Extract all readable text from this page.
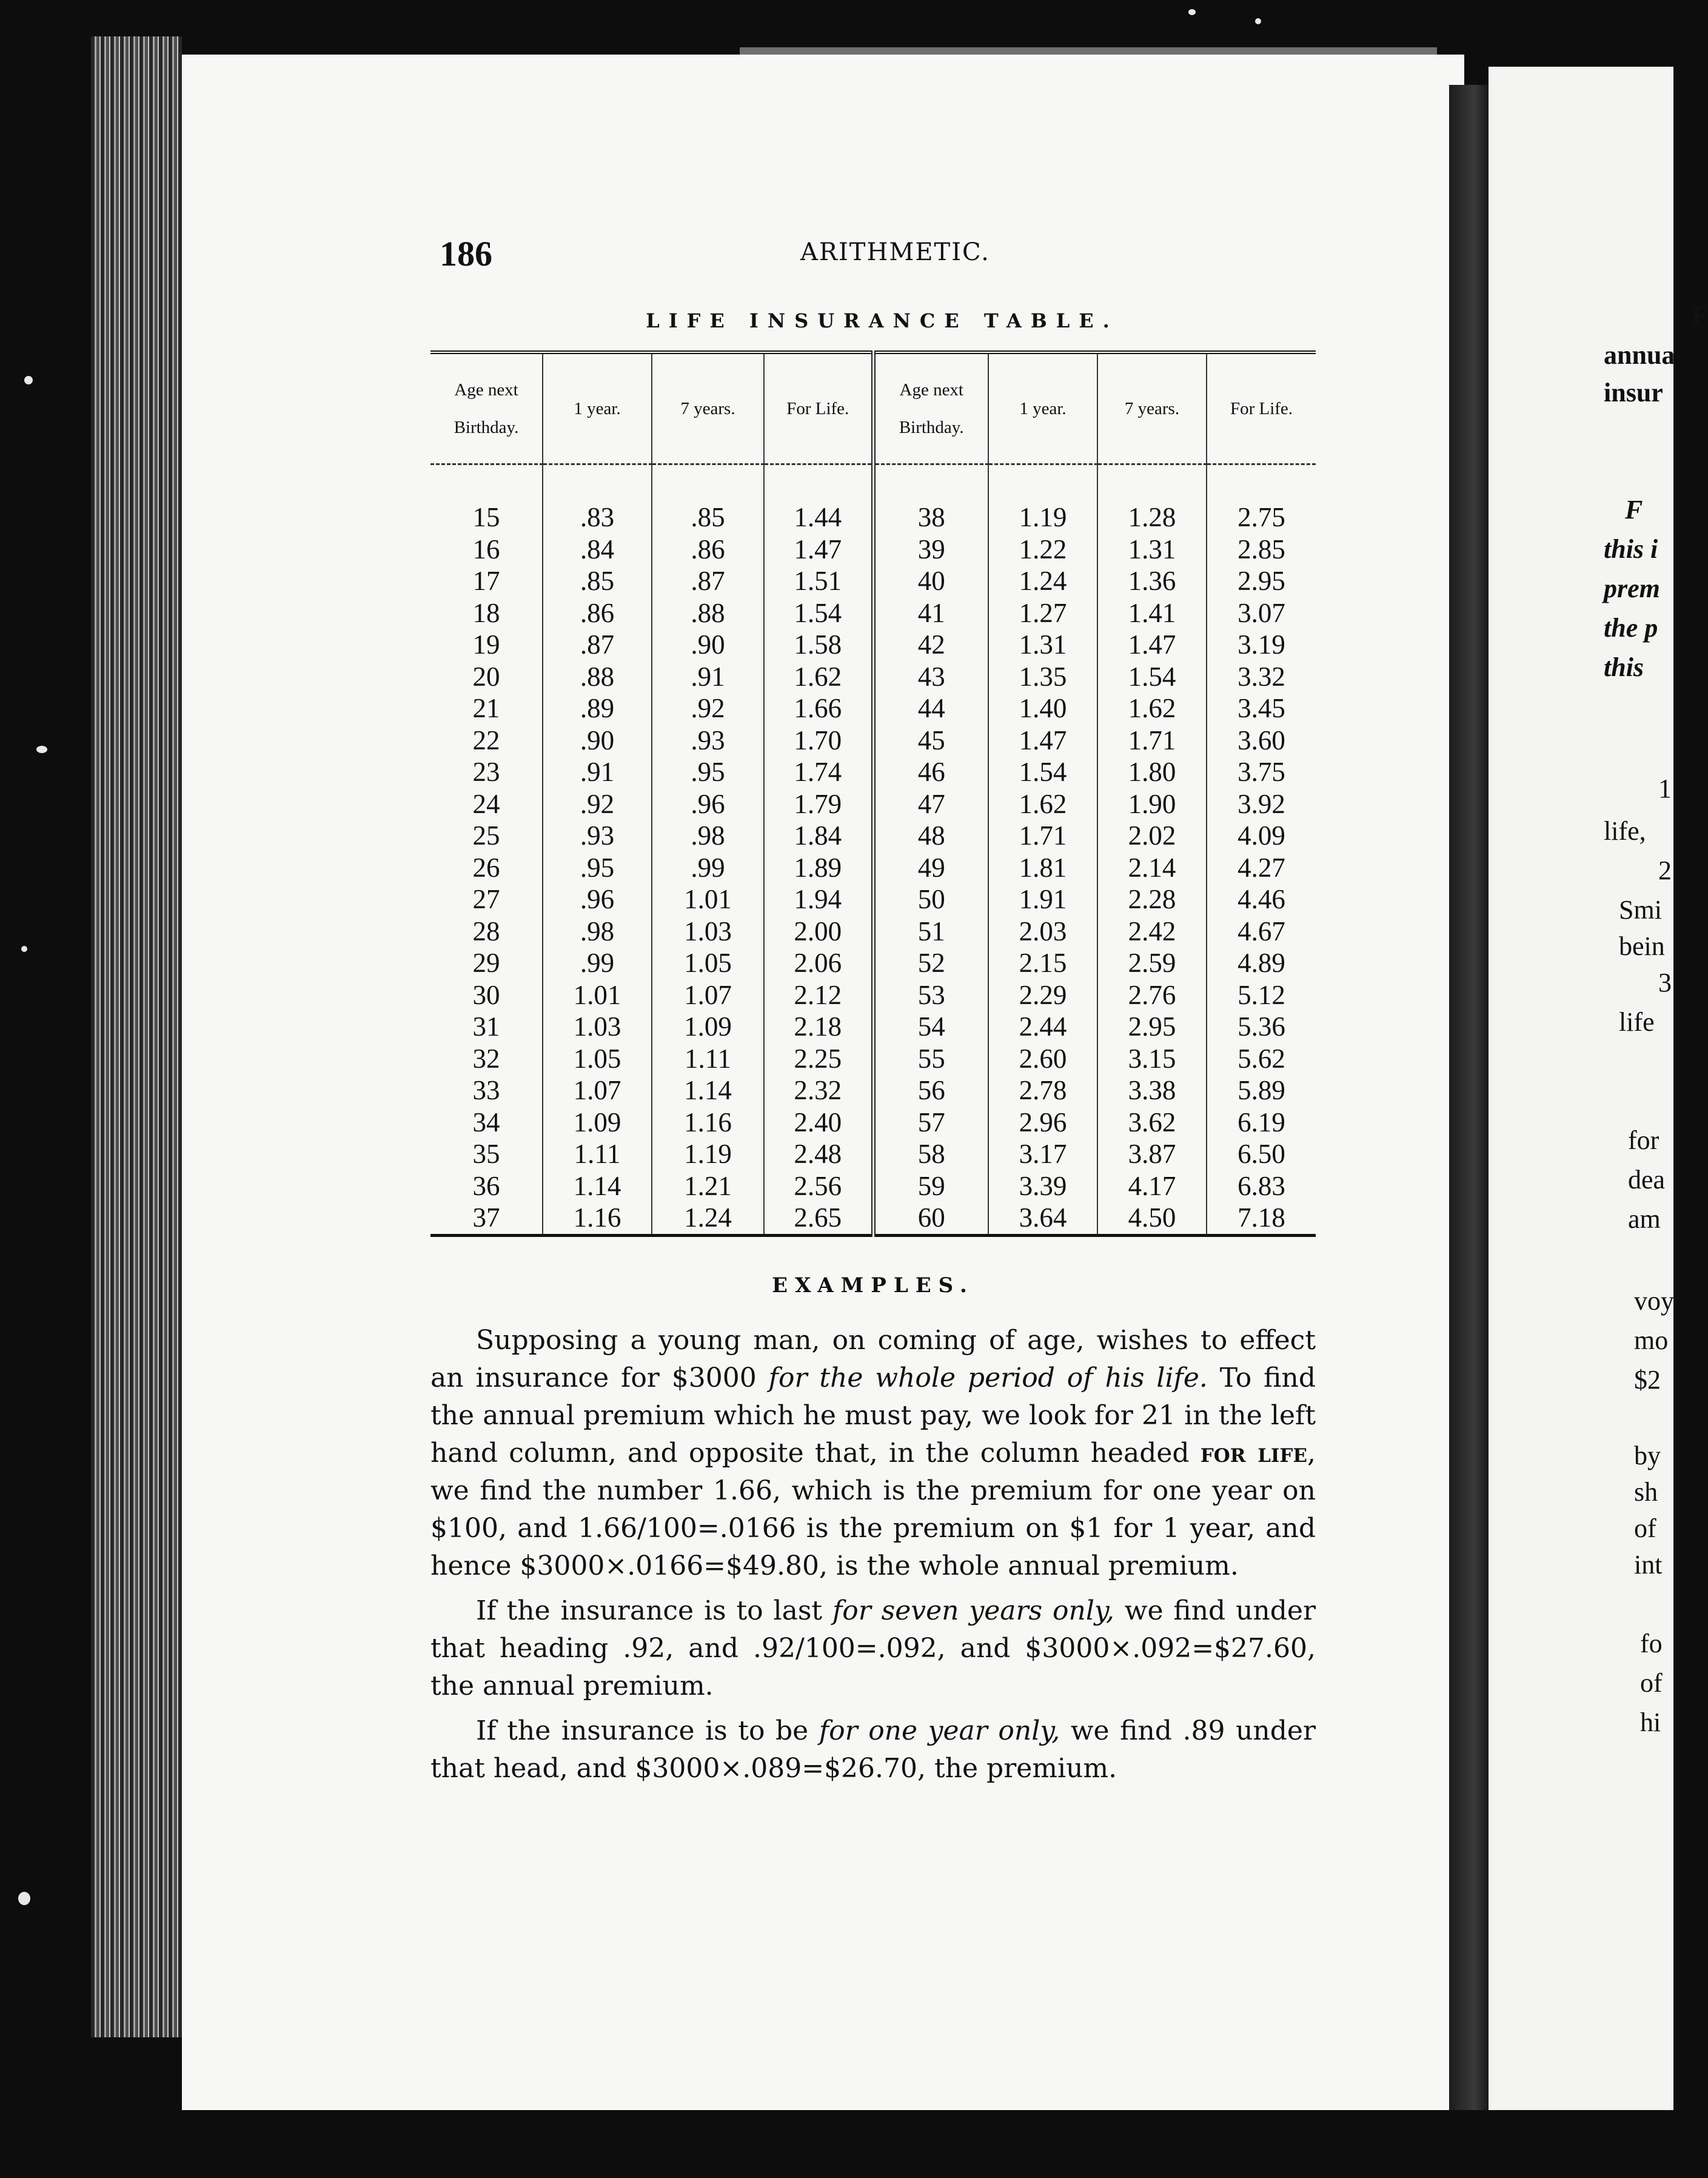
F
annua
insur
F
this i
prem
the p
this
1
life,
2
Smi
bein
3
life
for
dea
am
voy
mo
$2
by
sh
of
int
fo
of
hi
186	ARITHMETIC.
LIFE INSURANCE TABLE.
Age next Birthday.	1 year.	7 years.	For Life.	Age next Birthday.	1 year.	7 years.	For Life.

15	.83	.85	1.44	38	1.19	1.28	2.75
16	.84	.86	1.47	39	1.22	1.31	2.85
17	.85	.87	1.51	40	1.24	1.36	2.95
18	.86	.88	1.54	41	1.27	1.41	3.07
19	.87	.90	1.58	42	1.31	1.47	3.19
20	.88	.91	1.62	43	1.35	1.54	3.32
21	.89	.92	1.66	44	1.40	1.62	3.45
22	.90	.93	1.70	45	1.47	1.71	3.60
23	.91	.95	1.74	46	1.54	1.80	3.75
24	.92	.96	1.79	47	1.62	1.90	3.92
25	.93	.98	1.84	48	1.71	2.02	4.09
26	.95	.99	1.89	49	1.81	2.14	4.27
27	.96	1.01	1.94	50	1.91	2.28	4.46
28	.98	1.03	2.00	51	2.03	2.42	4.67
29	.99	1.05	2.06	52	2.15	2.59	4.89
30	1.01	1.07	2.12	53	2.29	2.76	5.12
31	1.03	1.09	2.18	54	2.44	2.95	5.36
32	1.05	1.11	2.25	55	2.60	3.15	5.62
33	1.07	1.14	2.32	56	2.78	3.38	5.89
34	1.09	1.16	2.40	57	2.96	3.62	6.19
35	1.11	1.19	2.48	58	3.17	3.87	6.50
36	1.14	1.21	2.56	59	3.39	4.17	6.83
37	1.16	1.24	2.65	60	3.64	4.50	7.18
EXAMPLES.

Supposing a young man, on coming of age, wishes to effect an insurance for $3000 for the whole period of his life. To find the annual premium which he must pay, we look for 21 in the left hand column, and opposite that, in the column headed for life, we find the number 1.66, which is the premium for one year on $100, and 1.66/100=.0166 is the premium on $1 for 1 year, and hence $3000×.0166=$49.80, is the whole annual premium.

If the insurance is to last for seven years only, we find under that heading .92, and .92/100=.092, and $3000×.092=$27.60, the annual premium.

If the insurance is to be for one year only, we find .89 under that head, and $3000×.089=$26.70, the premium.
